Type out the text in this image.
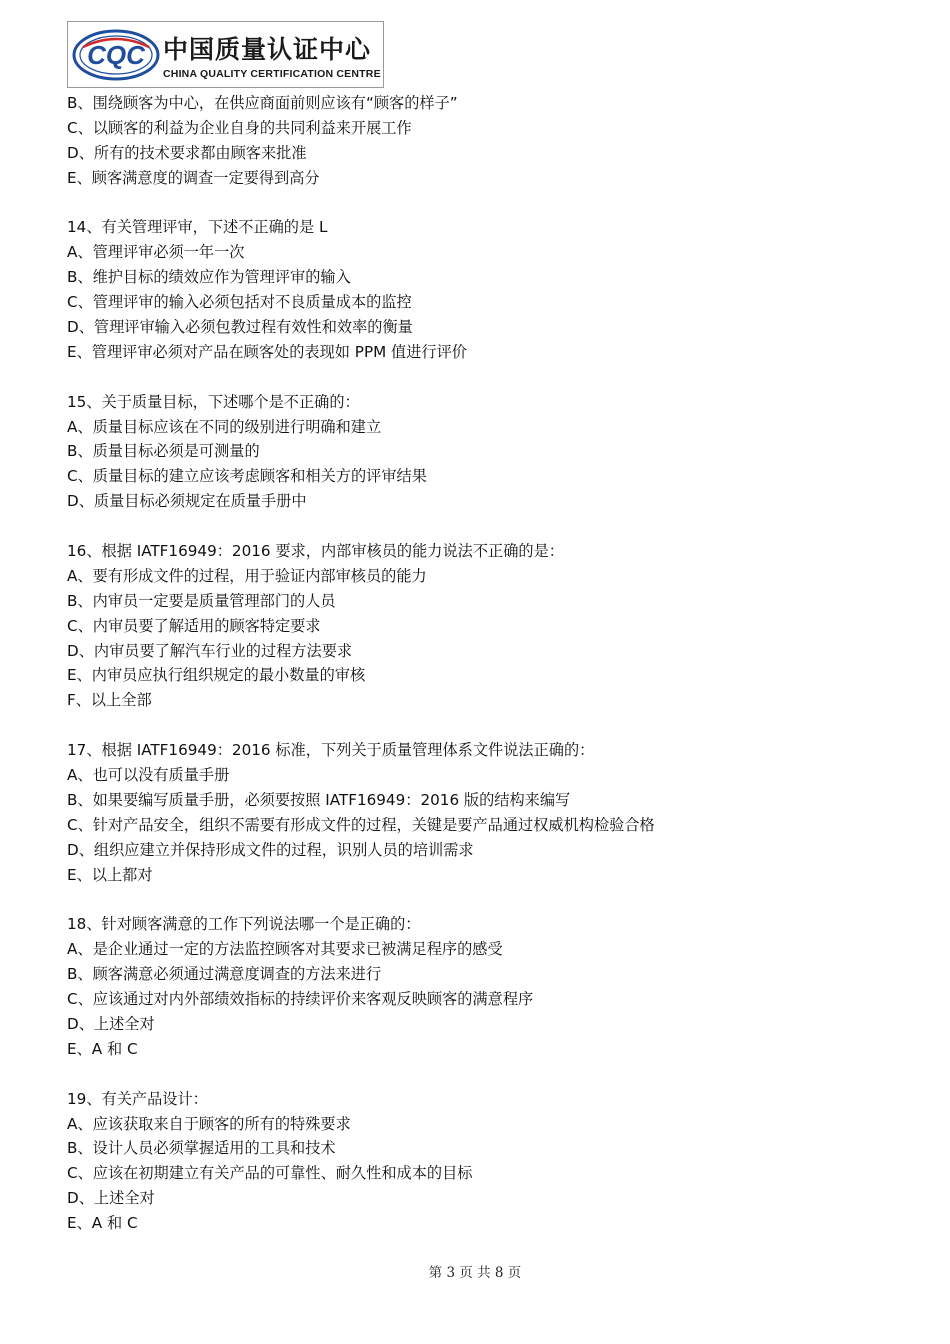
CQC 中国质量认证中心
CHINA QUALITY CERTIFICATION CENTRE
B、围绕顾客为中心，在供应商面前则应该有“顾客的样子”
C、以顾客的利益为企业自身的共同利益来开展工作
D、所有的技术要求都由顾客来批准
E、顾客满意度的调查一定要得到高分
14、有关管理评审，下述不正确的是 L
A、管理评审必须一年一次
B、维护目标的绩效应作为管理评审的输入
C、管理评审的输入必须包括对不良质量成本的监控
D、管理评审输入必须包教过程有效性和效率的衡量
E、管理评审必须对产品在顾客处的表现如 PPM 值进行评价
15、关于质量目标，下述哪个是不正确的：
A、质量目标应该在不同的级别进行明确和建立
B、质量目标必须是可测量的
C、质量目标的建立应该考虑顾客和相关方的评审结果
D、质量目标必须规定在质量手册中
16、根据 IATF16949：2016 要求，内部审核员的能力说法不正确的是：
A、要有形成文件的过程，用于验证内部审核员的能力
B、内审员一定要是质量管理部门的人员
C、内审员要了解适用的顾客特定要求
D、内审员要了解汽车行业的过程方法要求
E、内审员应执行组织规定的最小数量的审核
F、以上全部
17、根据 IATF16949：2016 标准，下列关于质量管理体系文件说法正确的：
A、也可以没有质量手册
B、如果要编写质量手册，必须要按照 IATF16949：2016 版的结构来编写
C、针对产品安全，组织不需要有形成文件的过程，关键是要产品通过权威机构检验合格
D、组织应建立并保持形成文件的过程，识别人员的培训需求
E、以上都对
18、针对顾客满意的工作下列说法哪一个是正确的：
A、是企业通过一定的方法监控顾客对其要求已被满足程序的感受
B、顾客满意必须通过满意度调查的方法来进行
C、应该通过对内外部绩效指标的持续评价来客观反映顾客的满意程序
D、上述全对
E、A 和 C
19、有关产品设计：
A、应该获取来自于顾客的所有的特殊要求
B、设计人员必须掌握适用的工具和技术
C、应该在初期建立有关产品的可靠性、耐久性和成本的目标
D、上述全对
E、A 和 C
第 3 页 共 8 页
